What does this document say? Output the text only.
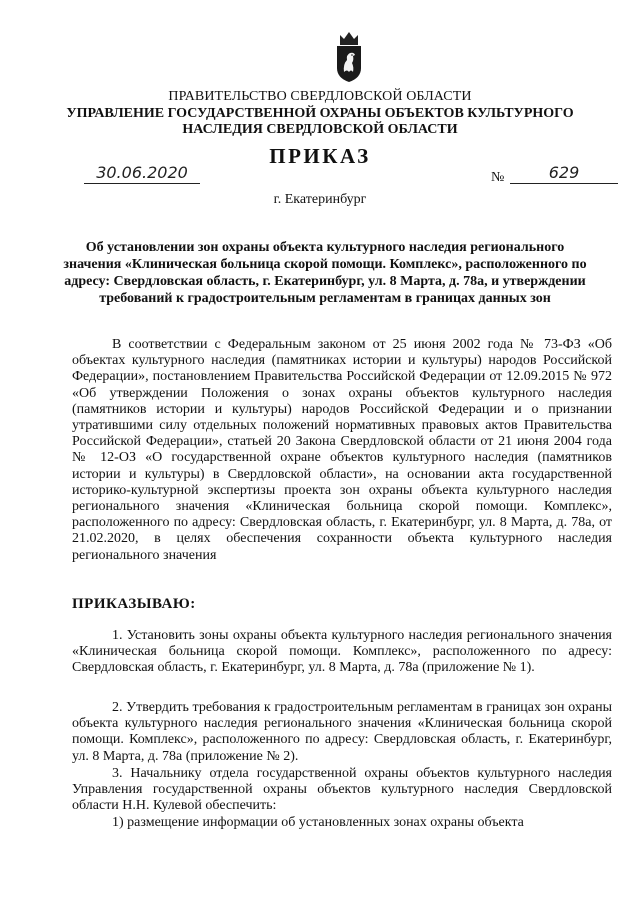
ПРАВИТЕЛЬСТВО СВЕРДЛОВСКОЙ ОБЛАСТИ
УПРАВЛЕНИЕ ГОСУДАРСТВЕННОЙ ОХРАНЫ ОБЪЕКТОВ КУЛЬТУРНОГО НАСЛЕДИЯ СВЕРДЛОВСКОЙ ОБЛАСТИ
ПРИКАЗ
30.06.2020	№	629
г. Екатеринбург
Об установлении зон охраны объекта культурного наследия регионального значения «Клиническая больница скорой помощи. Комплекс», расположенного по адресу: Свердловская область, г. Екатеринбург, ул. 8 Марта, д. 78а, и утверждении требований к градостроительным регламентам в границах данных зон

В соответствии с Федеральным законом от 25 июня 2002 года № 73-ФЗ «Об объектах культурного наследия (памятниках истории и культуры) народов Российской Федерации», постановлением Правительства Российской Федерации от 12.09.2015 № 972 «Об утверждении Положения о зонах охраны объектов культурного наследия (памятников истории и культуры) народов Российской Федерации и о признании утратившими силу отдельных положений нормативных правовых актов Правительства Российской Федерации», статьей 20 Закона Свердловской области от 21 июня 2004 года № 12-ОЗ «О государственной охране объектов культурного наследия (памятников истории и культуры) в Свердловской области», на основании акта государственной историко-культурной экспертизы проекта зон охраны объекта культурного наследия регионального значения «Клиническая больница скорой помощи. Комплекс», расположенного по адресу: Свердловская область, г. Екатеринбург, ул. 8 Марта, д. 78а, от 21.02.2020, в целях обеспечения сохранности объекта культурного наследия регионального значения

ПРИКАЗЫВАЮ:

1. Установить зоны охраны объекта культурного наследия регионального значения «Клиническая больница скорой помощи. Комплекс», расположенного по адресу: Свердловская область, г. Екатеринбург, ул. 8 Марта, д. 78а (приложение № 1).

2. Утвердить требования к градостроительным регламентам в границах зон охраны объекта культурного наследия регионального значения «Клиническая больница скорой помощи. Комплекс», расположенного по адресу: Свердловская область, г. Екатеринбург, ул. 8 Марта, д. 78а (приложение № 2).

3. Начальнику отдела государственной охраны объектов культурного наследия Управления государственной охраны объектов культурного наследия Свердловской области Н.Н. Кулевой обеспечить:

1) размещение информации об установленных зонах охраны объекта
